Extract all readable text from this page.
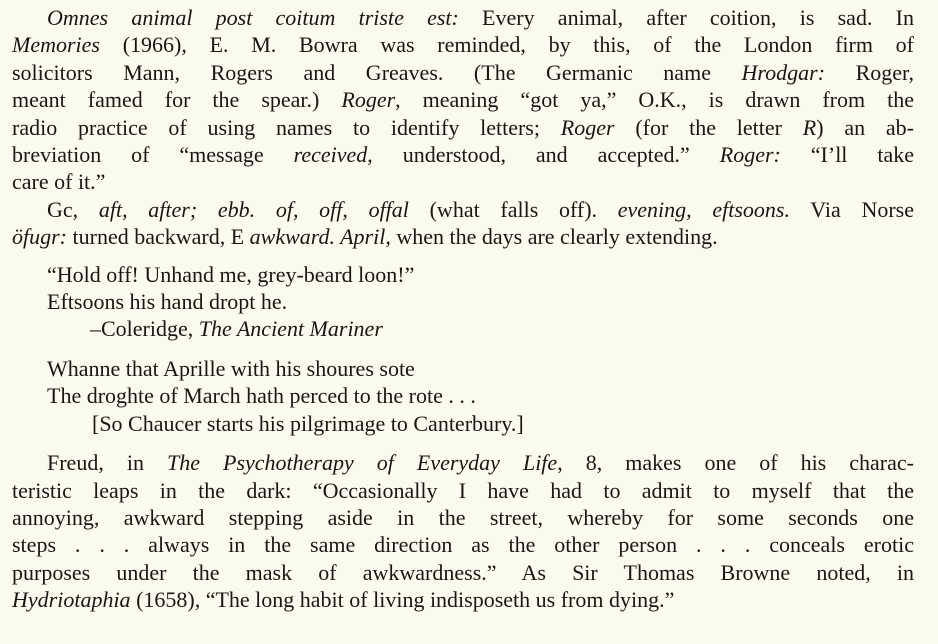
Omnes animal post coitum triste est: Every animal, after coition, is sad. In
Memories (1966), E. M. Bowra was reminded, by this, of the London firm of
solicitors Mann, Rogers and Greaves. (The Germanic name Hrodgar: Roger,
meant famed for the spear.) Roger, meaning “got ya,” O.K., is drawn from the
radio practice of using names to identify letters; Roger (for the letter R) an ab-
breviation of “message received, understood, and accepted.” Roger: “I’ll take
care of it.”
Gc, aft, after; ebb. of, off, offal (what falls off). evening, eftsoons. Via Norse
öfugr: turned backward, E awkward. April, when the days are clearly extending.
“Hold off! Unhand me, grey-beard loon!”
Eftsoons his hand dropt he.
–Coleridge, The Ancient Mariner
Whanne that Aprille with his shoures sote
The droghte of March hath perced to the rote . . .
[So Chaucer starts his pilgrimage to Canterbury.]
Freud, in The Psychotherapy of Everyday Life, 8, makes one of his charac-
teristic leaps in the dark: “Occasionally I have had to admit to myself that the
annoying, awkward stepping aside in the street, whereby for some seconds one
steps . . . always in the same direction as the other person . . . conceals erotic
purposes under the mask of awkwardness.” As Sir Thomas Browne noted, in
Hydriotaphia (1658), “The long habit of living indisposeth us from dying.”
